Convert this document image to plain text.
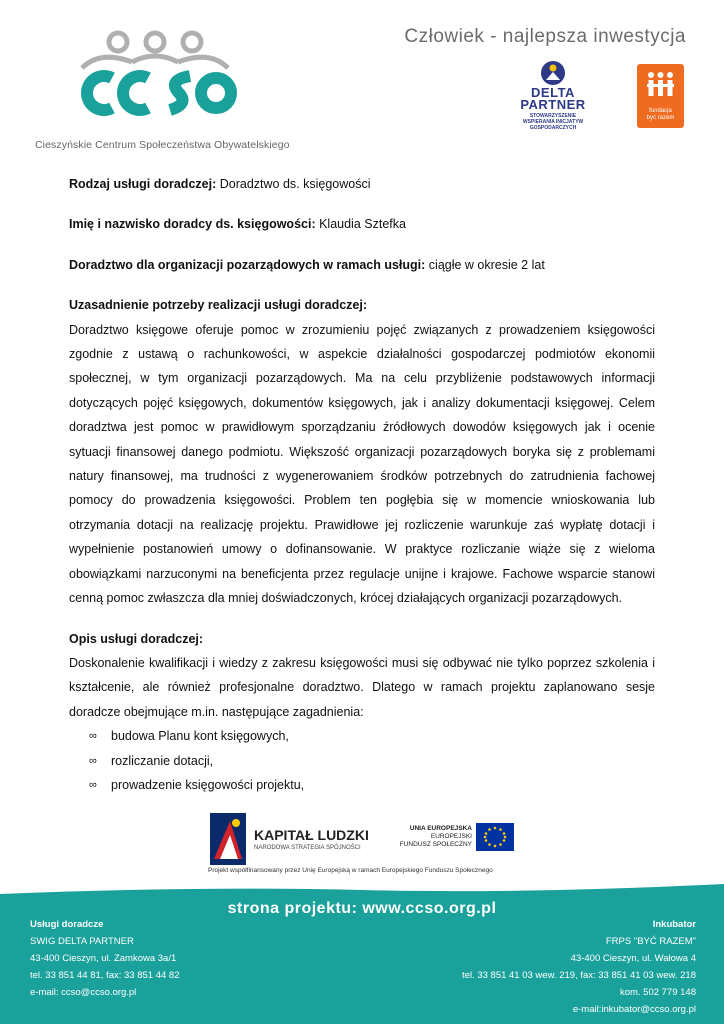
Cieszyńskie Centrum Społeczeństwa Obywatelskiego
Człowiek - najlepsza inwestycja
DELTA PARTNER
STOWARZYSZENIE WSPIERANIA INICJATYW GOSPODARCZYCH
fundacja
być razem

Rodzaj usługi doradczej: Doradztwo ds. księgowości

Imię i nazwisko doradcy ds. księgowości: Klaudia Sztefka

Doradztwo dla organizacji pozarządowych w ramach usługi: ciągłe w okresie 2 lat

Uzasadnienie potrzeby realizacji usługi doradczej:

Doradztwo księgowe oferuje pomoc w zrozumieniu pojęć związanych z prowadzeniem księgowości zgodnie z ustawą o rachunkowości, w aspekcie działalności gospodarczej podmiotów ekonomii społecznej, w tym organizacji pozarządowych. Ma na celu przybliżenie podstawowych informacji dotyczących pojęć księgowych, dokumentów księgowych, jak i analizy dokumentacji księgowej. Celem doradztwa jest pomoc w prawidłowym sporządzaniu źródłowych dowodów księgowych jak i ocenie sytuacji finansowej danego podmiotu. Większość organizacji pozarządowych boryka się z problemami natury finansowej, ma trudności z wygenerowaniem środków potrzebnych do zatrudnienia fachowej pomocy do prowadzenia księgowości. Problem ten pogłębia się w momencie wnioskowania lub otrzymania dotacji na realizację projektu. Prawidłowe jej rozliczenie warunkuje zaś wypłatę dotacji i wypełnienie postanowień umowy o dofinansowanie. W praktyce rozliczanie wiąże się z wieloma obowiązkami narzuconymi na beneficjenta przez regulacje unijne i krajowe. Fachowe wsparcie stanowi cenną pomoc zwłaszcza dla mniej doświadczonych, krócej działających organizacji pozarządowych.

Opis usługi doradczej:

Doskonalenie kwalifikacji i wiedzy z zakresu księgowości musi się odbywać nie tylko poprzez szkolenia i kształcenie, ale również profesjonalne doradztwo. Dlatego w ramach projektu zaplanowano sesje doradcze obejmujące m.in. następujące zagadnienia:

∞ budowa Planu kont księgowych,
∞ rozliczanie dotacji,
∞ prowadzenie księgowości projektu,
KAPITAŁ LUDZKI
NARODOWA STRATEGIA SPÓJNOŚCI
UNIA EUROPEJSKA
EUROPEJSKI
FUNDUSZ SPOŁECZNY
Projekt współfinansowany przez Unię Europejską w ramach Europejskiego Funduszu Społecznego
strona projektu: www.ccso.org.pl
Usługi doradcze
SWIG DELTA PARTNER
43-400 Cieszyn, ul. Zamkowa 3a/1
tel. 33 851 44 81, fax: 33 851 44 82
e-mail: ccso@ccso.org.pl
Inkubator
FRPS "BYĆ RAZEM"
43-400 Cieszyn, ul. Wałowa 4
tel. 33 851 41 03 wew. 219, fax: 33 851 41 03 wew. 218
kom. 502 779 148
e-mail:inkubator@ccso.org.pl
